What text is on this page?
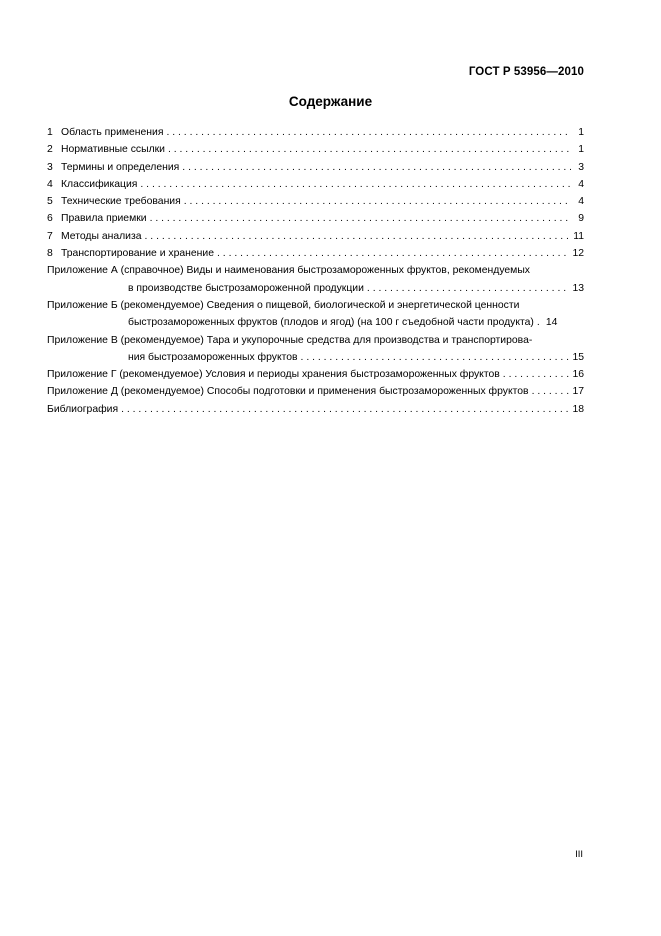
ГОСТ Р 53956—2010
Содержание
1 Область применения . . .	1
2 Нормативные ссылки . . .	1
3 Термины и определения . . .	3
4 Классификация . . .	4
5 Технические требования . . .	4
6 Правила приемки . . .	9
7 Методы анализа . . .	11
8 Транспортирование и хранение . . .	12
Приложение А (справочное) Виды и наименования быстрозамороженных фруктов, рекомендуемых
в производстве быстрозамороженной продукции . . .	13
Приложение Б (рекомендуемое) Сведения о пищевой, биологической и энергетической ценности
быстрозамороженных фруктов (плодов и ягод) (на 100 г съедобной части продукта) . . . 14
Приложение В (рекомендуемое) Тара и укупорочные средства для производства и транспортирова-
ния быстрозамороженных фруктов . . .	15
Приложение Г (рекомендуемое) Условия и периоды хранения быстрозамороженных фруктов . . .	16
Приложение Д (рекомендуемое) Способы подготовки и применения быстрозамороженных фруктов . . .	17
Библиография . . .	18
III
